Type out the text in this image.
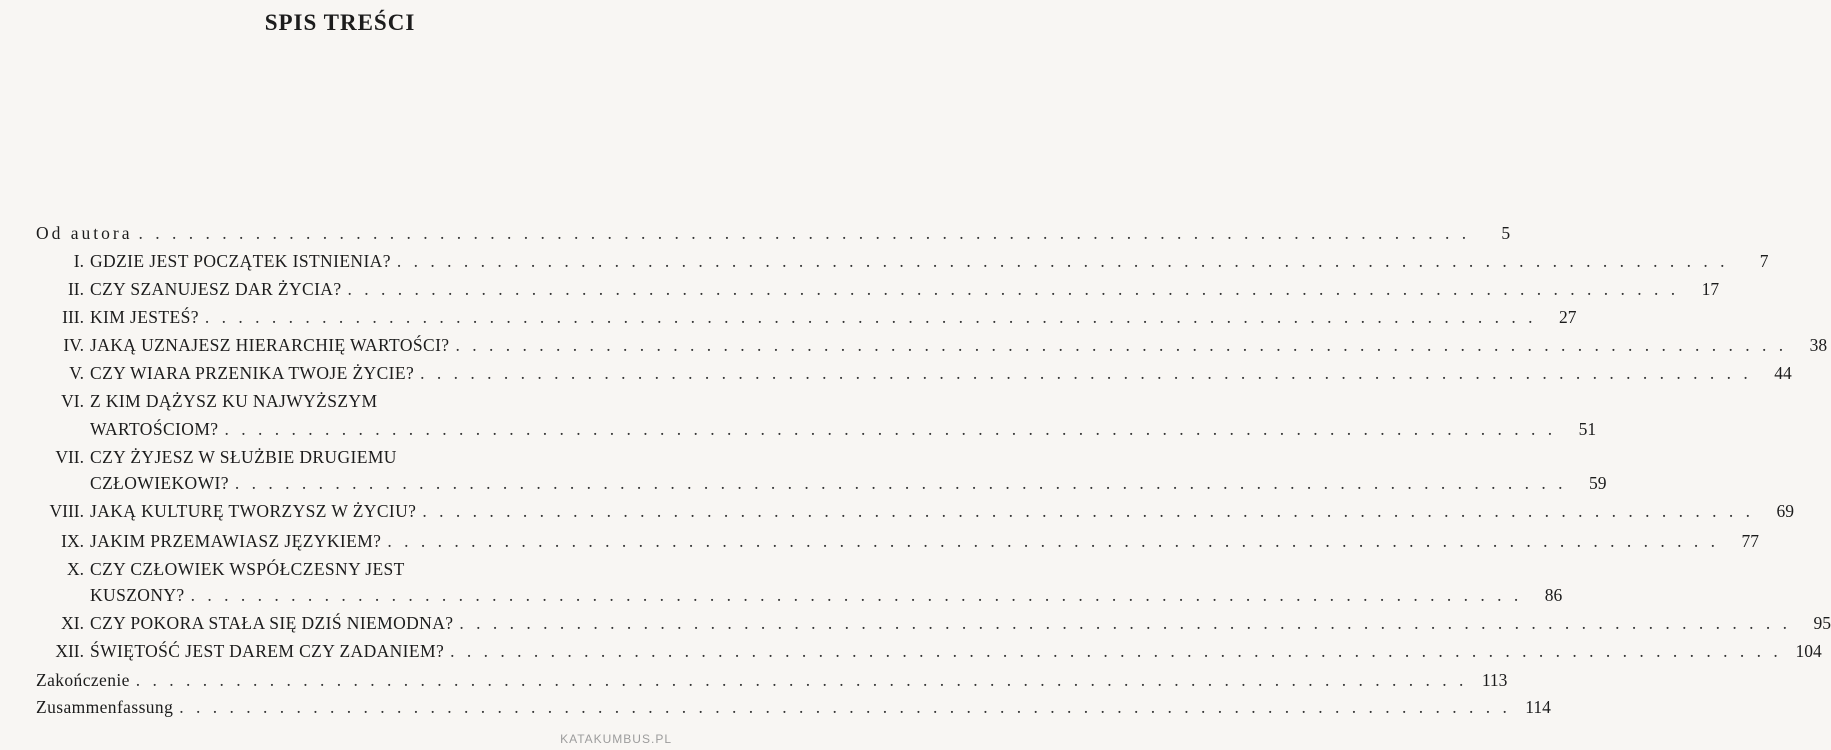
SPIS TREŚCI
Od autora . . . . . . . . . . . . . . . . . . . . . . . . . . . . . . . . . . . . . . . . . . . . . . . . . . . . . . . . . . . . . . . . . . . . . . . . . . . . . . . .	5
I. GDZIE JEST POCZĄTEK ISTNIENIA? . . . . . . . . . . . . . . . . . . . . . . . . . . . . . . . . . . . . . . . . . . . . . . . . . . . . . . . . . . . . . . . . . . . . . . . . . . . . . . . .	7
II. CZY SZANUJESZ DAR ŻYCIA? . . . . . . . . . . . . . . . . . . . . . . . . . . . . . . . . . . . . . . . . . . . . . . . . . . . . . . . . . . . . . . . . . . . . . . . . . . . . . . . .	17
III. KIM JESTEŚ? . . . . . . . . . . . . . . . . . . . . . . . . . . . . . . . . . . . . . . . . . . . . . . . . . . . . . . . . . . . . . . . . . . . . . . . . . . . . . . . .	27
IV. JAKĄ UZNAJESZ HIERARCHIĘ WARTOŚCI? . . . . . . . . . . . . . . . . . . . . . . . . . . . . . . . . . . . . . . . . . . . . . . . . . . . . . . . . . . . . . . . . . . . . . . . . . . . . . . . .	38
V. CZY WIARA PRZENIKA TWOJE ŻYCIE? . . . . . . . . . . . . . . . . . . . . . . . . . . . . . . . . . . . . . . . . . . . . . . . . . . . . . . . . . . . . . . . . . . . . . . . . . . . . . . . .	44
VI. Z KIM DĄŻYSZ KU NAJWYŻSZYM
WARTOŚCIOM? . . . . . . . . . . . . . . . . . . . . . . . . . . . . . . . . . . . . . . . . . . . . . . . . . . . . . . . . . . . . . . . . . . . . . . . . . . . . . . . .	51
VII. CZY ŻYJESZ W SŁUŻBIE DRUGIEMU
CZŁOWIEKOWI? . . . . . . . . . . . . . . . . . . . . . . . . . . . . . . . . . . . . . . . . . . . . . . . . . . . . . . . . . . . . . . . . . . . . . . . . . . . . . . . .	59
VIII. JAKĄ KULTURĘ TWORZYSZ W ŻYCIU? . . . . . . . . . . . . . . . . . . . . . . . . . . . . . . . . . . . . . . . . . . . . . . . . . . . . . . . . . . . . . . . . . . . . . . . . . . . . . . . .	69
IX. JAKIM PRZEMAWIASZ JĘZYKIEM? . . . . . . . . . . . . . . . . . . . . . . . . . . . . . . . . . . . . . . . . . . . . . . . . . . . . . . . . . . . . . . . . . . . . . . . . . . . . . . . .	77
X. CZY CZŁOWIEK WSPÓŁCZESNY JEST
KUSZONY? . . . . . . . . . . . . . . . . . . . . . . . . . . . . . . . . . . . . . . . . . . . . . . . . . . . . . . . . . . . . . . . . . . . . . . . . . . . . . . . .	86
XI. CZY POKORA STAŁA SIĘ DZIŚ NIEMODNA? . . . . . . . . . . . . . . . . . . . . . . . . . . . . . . . . . . . . . . . . . . . . . . . . . . . . . . . . . . . . . . . . . . . . . . . . . . . . . . . .	95
XII. ŚWIĘTOŚĆ JEST DAREM CZY ZADANIEM? . . . . . . . . . . . . . . . . . . . . . . . . . . . . . . . . . . . . . . . . . . . . . . . . . . . . . . . . . . . . . . . . . . . . . . . . . . . . . . . . 104
Zakończenie . . . . . . . . . . . . . . . . . . . . . . . . . . . . . . . . . . . . . . . . . . . . . . . . . . . . . . . . . . . . . . . . . . . . . . . . . . . . . . . . 113
Zusammenfassung . . . . . . . . . . . . . . . . . . . . . . . . . . . . . . . . . . . . . . . . . . . . . . . . . . . . . . . . . . . . . . . . . . . . . . . . . . . . . . . . 114
KATAKUMBUS.PL
